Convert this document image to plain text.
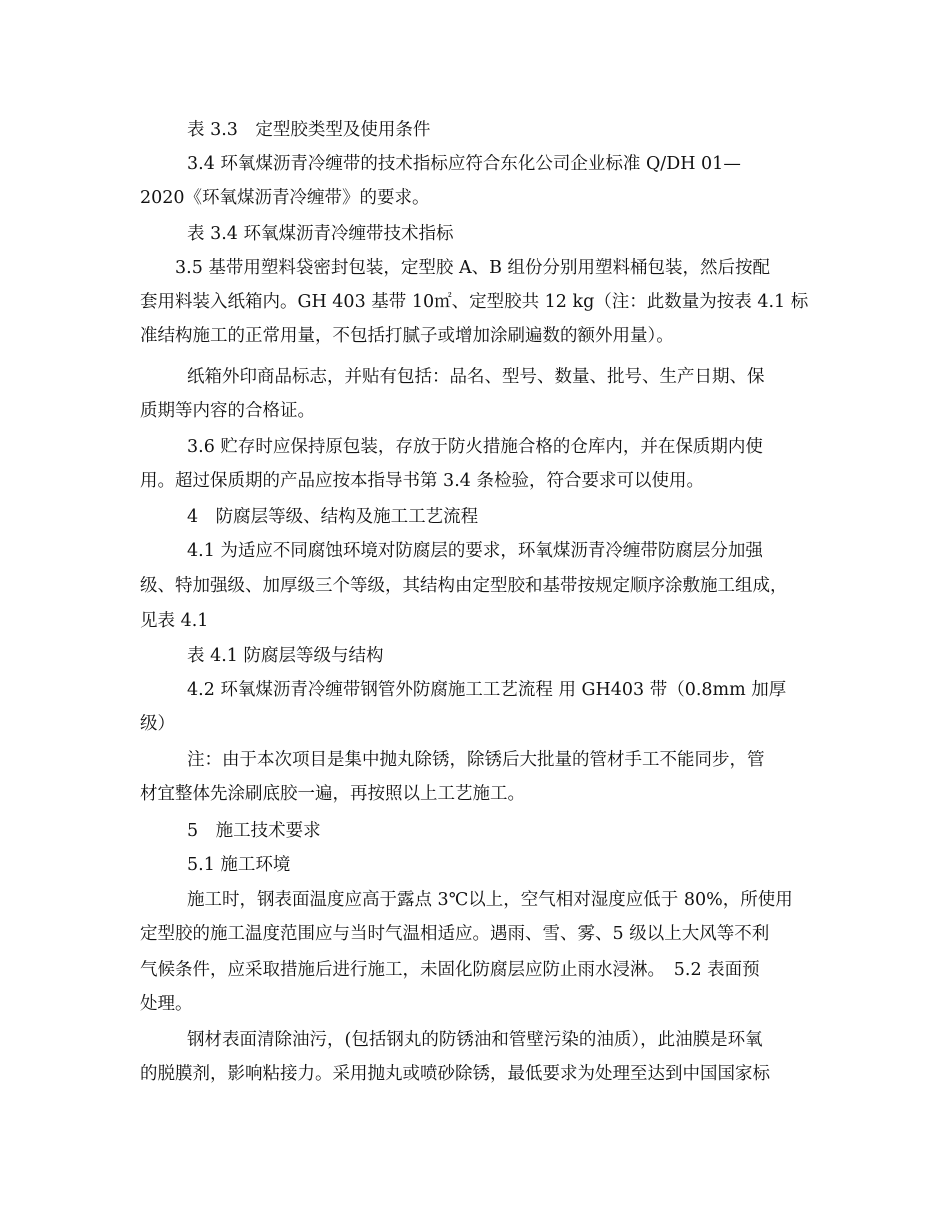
表 3.3　定型胶类型及使用条件
3.4 环氧煤沥青冷缠带的技术指标应符合东化公司企业标准 Q/DH 01—
2020《环氧煤沥青冷缠带》的要求。
表 3.4 环氧煤沥青冷缠带技术指标
3.5 基带用塑料袋密封包装，定型胶 A、B 组份分别用塑料桶包装，然后按配
套用料装入纸箱内。GH 403 基带 10㎡、定型胶共 12 kg（注：此数量为按表 4.1 标
准结构施工的正常用量，不包括打腻子或增加涂刷遍数的额外用量）。
纸箱外印商品标志，并贴有包括：品名、型号、数量、批号、生产日期、保
质期等内容的合格证。
3.6 贮存时应保持原包装，存放于防火措施合格的仓库内，并在保质期内使
用。超过保质期的产品应按本指导书第 3.4 条检验，符合要求可以使用。
4　防腐层等级、结构及施工工艺流程
4.1 为适应不同腐蚀环境对防腐层的要求，环氧煤沥青冷缠带防腐层分加强
级、特加强级、加厚级三个等级，其结构由定型胶和基带按规定顺序涂敷施工组成，
见表 4.1
表 4.1 防腐层等级与结构
4.2 环氧煤沥青冷缠带钢管外防腐施工工艺流程 用 GH403 带（0.8mm 加厚
级）
注：由于本次项目是集中抛丸除锈，除锈后大批量的管材手工不能同步，管
材宜整体先涂刷底胶一遍，再按照以上工艺施工。
5　施工技术要求
5.1 施工环境
施工时，钢表面温度应高于露点 3℃以上，空气相对湿度应低于 80%，所使用
定型胶的施工温度范围应与当时气温相适应。遇雨、雪、雾、5 级以上大风等不利
气候条件，应采取措施后进行施工，未固化防腐层应防止雨水浸淋。　5.2 表面预
处理。
钢材表面清除油污，(包括钢丸的防锈油和管壁污染的油质），此油膜是环氧
的脱膜剂，影响粘接力。采用抛丸或喷砂除锈，最低要求为处理至达到中国国家标
